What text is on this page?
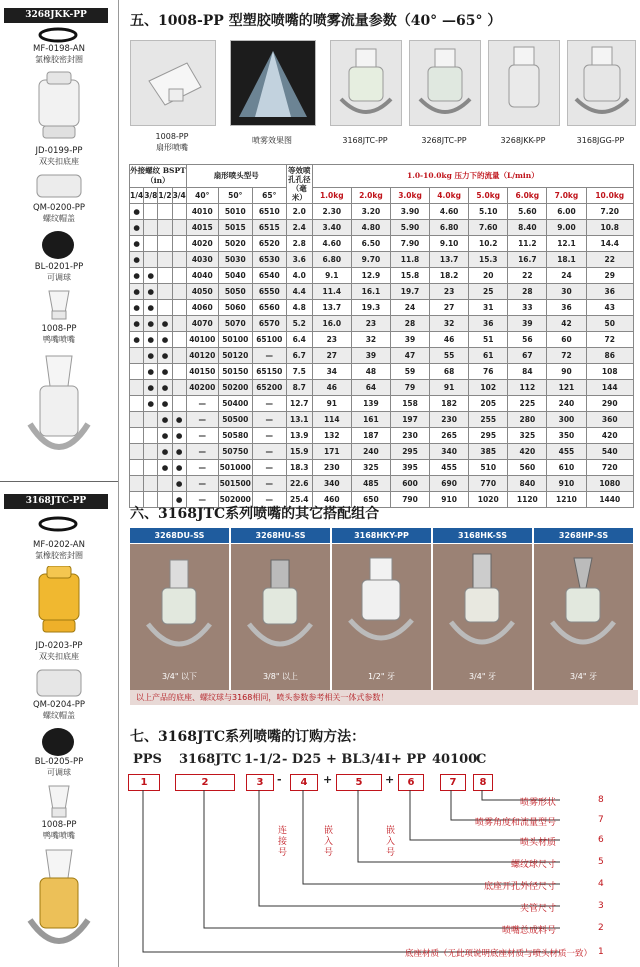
3268JKK-PP
MF-0198-AN
氯橡胶密封圈
JD-0199-PP
双夹扣底座
QM-0200-PP
螺纹帽盖
BL-0201-PP
可调球
1008-PP
鸭嘴喷嘴
3168JTC-PP
MF-0202-AN
氯橡胶密封圈
JD-0203-PP
双夹扣底座
QM-0204-PP
螺纹帽盖
BL-0205-PP
可调球
1008-PP
鸭嘴喷嘴
五、1008-PP 型塑胶喷嘴的喷雾流量参数（40° —65° ）
1008-PP
扇形喷嘴
喷雾效果图	3168JTC-PP	3268JTC-PP	3268JKK-PP	3168JGG-PP
外接螺纹 BSPT（in）				扇形喷头型号			等效喷孔孔径（毫米）	1.0-10.0kg 压力下的流量（L/min）							
1/4	3/8	1/2	3/4					1.0kg	2.0kg	3.0kg	4.0kg	5.0kg	6.0kg	7.0kg	10.0kg
				40°	50°	65°									
●				4010	5010	6510	2.0	2.30	3.20	3.90	4.60	5.10	5.60	6.00	7.20
●				4015	5015	6515	2.4	3.40	4.80	5.90	6.80	7.60	8.40	9.00	10.8
●				4020	5020	6520	2.8	4.60	6.50	7.90	9.10	10.2	11.2	12.1	14.4
●				4030	5030	6530	3.6	6.80	9.70	11.8	13.7	15.3	16.7	18.1	22
●	●			4040	5040	6540	4.0	9.1	12.9	15.8	18.2	20	22	24	29
●	●			4050	5050	6550	4.4	11.4	16.1	19.7	23	25	28	30	36
●	●			4060	5060	6560	4.8	13.7	19.3	24	27	31	33	36	43
●	●	●		4070	5070	6570	5.2	16.0	23	28	32	36	39	42	50
●	●	●		40100	50100	65100	6.4	23	32	39	46	51	56	60	72
	●	●		40120	50120	—	6.7	27	39	47	55	61	67	72	86
	●	●		40150	50150	65150	7.5	34	48	59	68	76	84	90	108
	●	●		40200	50200	65200	8.7	46	64	79	91	102	112	121	144
	●	●		—	50400	—	12.7	91	139	158	182	205	225	240	290
		●	●	—	50500	—	13.1	114	161	197	230	255	280	300	360
		●	●	—	50580	—	13.9	132	187	230	265	295	325	350	420
		●	●	—	50750	—	15.9	171	240	295	340	385	420	455	540
		●	●	—	501000	—	18.3	230	325	395	455	510	560	610	720
			●	—	501500	—	22.6	340	485	600	690	770	840	910	1080
			●	—	502000	—	25.4	460	650	790	910	1020	1120	1210	1440
六、3168JTC系列喷嘴的其它搭配组合
3268DU-SS	3268HU-SS	3168HKY-PP	3168HK-SS	3268HP-SS
3/4" 以下	3/8" 以上	1/2" 牙	3/4" 牙	3/4" 牙
以上产品的底座、螺纹球与3168相同，喷头参数参考相关一体式参数！
七、3168JTC系列喷嘴的订购方法：
PPS 3168JTC 1-1/2 - D25 + BL3/4I + PP 40100
C
1	2	3	-	4	+	5	+	6	7	8
连接号
嵌入号
嵌入号
喷雾形状
喷雾角度和流量型号
喷头材质
螺纹球尺寸
底座开孔外径尺寸
夹管尺寸
喷嘴总成料号
底座材质（无此项说明底座材质与喷头材质一致）
8
7
6
5
4
3
2
1
